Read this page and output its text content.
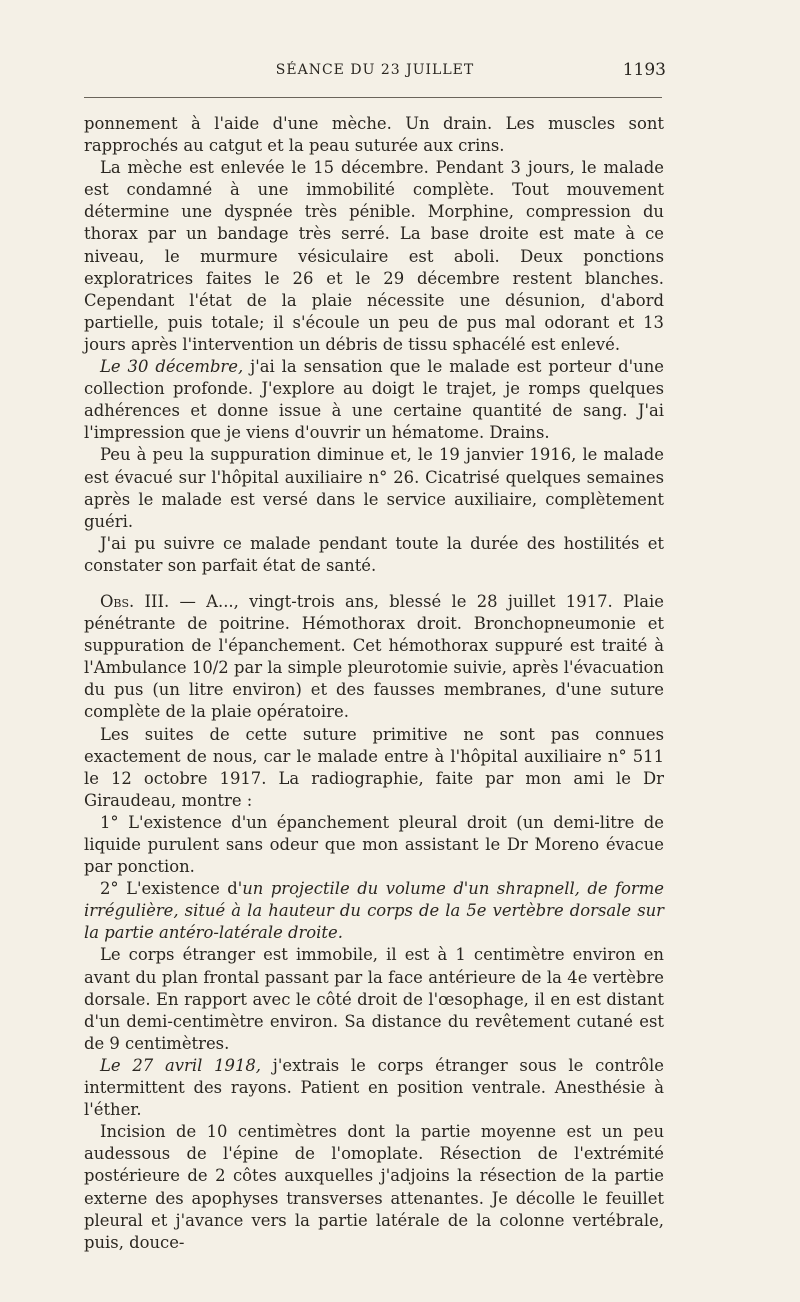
SÉANCE DU 23 JUILLET	1193

ponnement à l'aide d'une mèche. Un drain. Les muscles sont rapprochés au catgut et la peau suturée aux crins.

La mèche est enlevée le 15 décembre. Pendant 3 jours, le malade est condamné à une immobilité complète. Tout mouvement détermine une dyspnée très pénible. Morphine, compression du thorax par un bandage très serré. La base droite est mate à ce niveau, le murmure vésiculaire est aboli. Deux ponctions exploratrices faites le 26 et le 29 décembre restent blanches. Cependant l'état de la plaie nécessite une désunion, d'abord partielle, puis totale; il s'écoule un peu de pus mal odorant et 13 jours après l'intervention un débris de tissu sphacélé est enlevé.

Le 30 décembre, j'ai la sensation que le malade est porteur d'une collection profonde. J'explore au doigt le trajet, je romps quelques adhérences et donne issue à une certaine quantité de sang. J'ai l'impression que je viens d'ouvrir un hématome. Drains.

Peu à peu la suppuration diminue et, le 19 janvier 1916, le malade est évacué sur l'hôpital auxiliaire n° 26. Cicatrisé quelques semaines après le malade est versé dans le service auxiliaire, complètement guéri.

J'ai pu suivre ce malade pendant toute la durée des hostilités et constater son parfait état de santé.

Obs. III. — A..., vingt-trois ans, blessé le 28 juillet 1917. Plaie pénétrante de poitrine. Hémothorax droit. Bronchopneumonie et suppuration de l'épanchement. Cet hémothorax suppuré est traité à l'Ambulance 10/2 par la simple pleurotomie suivie, après l'évacuation du pus (un litre environ) et des fausses membranes, d'une suture complète de la plaie opératoire.

Les suites de cette suture primitive ne sont pas connues exactement de nous, car le malade entre à l'hôpital auxiliaire n° 511 le 12 octobre 1917. La radiographie, faite par mon ami le Dr Giraudeau, montre :

1° L'existence d'un épanchement pleural droit (un demi-litre de liquide purulent sans odeur que mon assistant le Dr Moreno évacue par ponction.

2° L'existence d'un projectile du volume d'un shrapnell, de forme irrégulière, situé à la hauteur du corps de la 5e vertèbre dorsale sur la partie antéro-latérale droite.

Le corps étranger est immobile, il est à 1 centimètre environ en avant du plan frontal passant par la face antérieure de la 4e vertèbre dorsale. En rapport avec le côté droit de l'œsophage, il en est distant d'un demi-centimètre environ. Sa distance du revêtement cutané est de 9 centimètres.

Le 27 avril 1918, j'extrais le corps étranger sous le contrôle intermittent des rayons. Patient en position ventrale. Anesthésie à l'éther.

Incision de 10 centimètres dont la partie moyenne est un peu audessous de l'épine de l'omoplate. Résection de l'extrémité postérieure de 2 côtes auxquelles j'adjoins la résection de la partie externe des apophyses transverses attenantes. Je décolle le feuillet pleural et j'avance vers la partie latérale de la colonne vertébrale, puis, douce-
